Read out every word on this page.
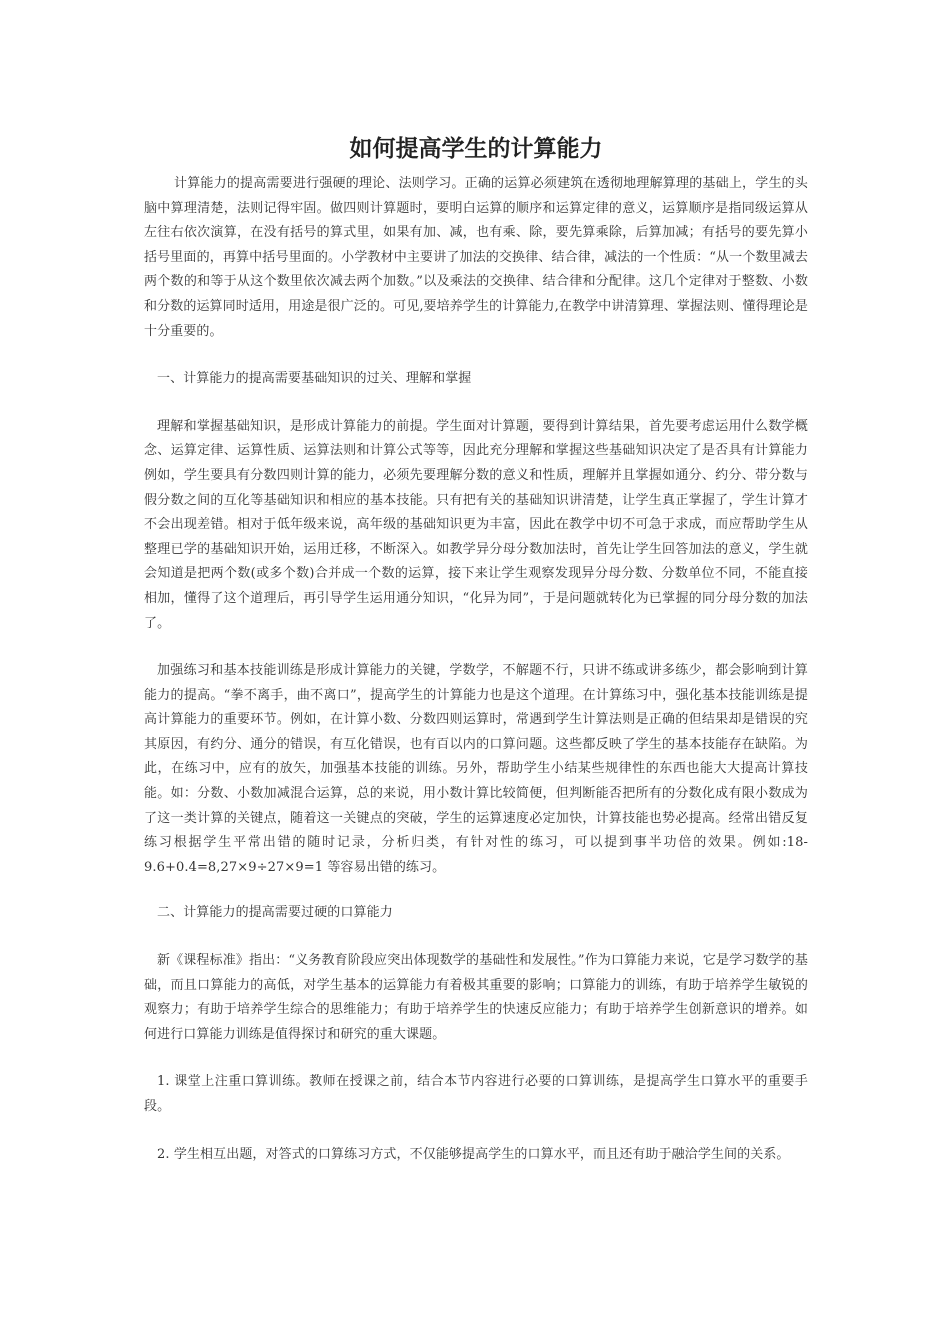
如何提高学生的计算能力

计算能力的提高需要进行强硬的理论、法则学习。正确的运算必须建筑在透彻地理解算理的基础上，学生的头脑中算理清楚，法则记得牢固。做四则计算题时，要明白运算的顺序和运算定律的意义，运算顺序是指同级运算从左往右依次演算，在没有括号的算式里，如果有加、减，也有乘、除，要先算乘除，后算加减；有括号的要先算小括号里面的，再算中括号里面的。小学教材中主要讲了加法的交换律、结合律，减法的一个性质：“从一个数里减去两个数的和等于从这个数里依次减去两个加数。”以及乘法的交换律、结合律和分配律。这几个定律对于整数、小数和分数的运算同时适用，用途是很广泛的。可见,要培养学生的计算能力,在教学中讲清算理、掌握法则、懂得理论是十分重要的。

一、计算能力的提高需要基础知识的过关、理解和掌握

理解和掌握基础知识，是形成计算能力的前提。学生面对计算题，要得到计算结果，首先要考虑运用什么数学概念、运算定律、运算性质、运算法则和计算公式等等，因此充分理解和掌握这些基础知识决定了是否具有计算能力例如，学生要具有分数四则计算的能力，必须先要理解分数的意义和性质，理解并且掌握如通分、约分、带分数与假分数之间的互化等基础知识和相应的基本技能。只有把有关的基础知识讲清楚，让学生真正掌握了，学生计算才不会出现差错。相对于低年级来说，高年级的基础知识更为丰富，因此在教学中切不可急于求成，而应帮助学生从整理已学的基础知识开始，运用迁移，不断深入。如教学异分母分数加法时，首先让学生回答加法的意义，学生就会知道是把两个数(或多个数)合并成一个数的运算，接下来让学生观察发现异分母分数、分数单位不同，不能直接相加，懂得了这个道理后，再引导学生运用通分知识，“化异为同”，于是问题就转化为已掌握的同分母分数的加法了。

加强练习和基本技能训练是形成计算能力的关键，学数学，不解题不行，只讲不练或讲多练少，都会影响到计算能力的提高。“拳不离手，曲不离口”，提高学生的计算能力也是这个道理。在计算练习中，强化基本技能训练是提高计算能力的重要环节。例如，在计算小数、分数四则运算时，常遇到学生计算法则是正确的但结果却是错误的究其原因，有约分、通分的错误，有互化错误，也有百以内的口算问题。这些都反映了学生的基本技能存在缺陷。为此，在练习中，应有的放矢，加强基本技能的训练。另外，帮助学生小结某些规律性的东西也能大大提高计算技能。如：分数、小数加减混合运算，总的来说，用小数计算比较简便，但判断能否把所有的分数化成有限小数成为了这一类计算的关键点，随着这一关键点的突破，学生的运算速度必定加快，计算技能也势必提高。经常出错反复练习根据学生平常出错的随时记录，分析归类，有针对性的练习，可以提到事半功倍的效果。例如:18-9.6+0.4=8,27×9÷27×9=1 等容易出错的练习。

二、计算能力的提高需要过硬的口算能力

新《课程标准》指出：“义务教育阶段应突出体现数学的基础性和发展性。”作为口算能力来说，它是学习数学的基础，而且口算能力的高低，对学生基本的运算能力有着极其重要的影响；口算能力的训练，有助于培养学生敏锐的观察力；有助于培养学生综合的思维能力；有助于培养学生的快速反应能力；有助于培养学生创新意识的增养。如何进行口算能力训练是值得探讨和研究的重大课题。

1. 课堂上注重口算训练。教师在授课之前，结合本节内容进行必要的口算训练，是提高学生口算水平的重要手段。

2. 学生相互出题，对答式的口算练习方式，不仅能够提高学生的口算水平，而且还有助于融洽学生间的关系。
